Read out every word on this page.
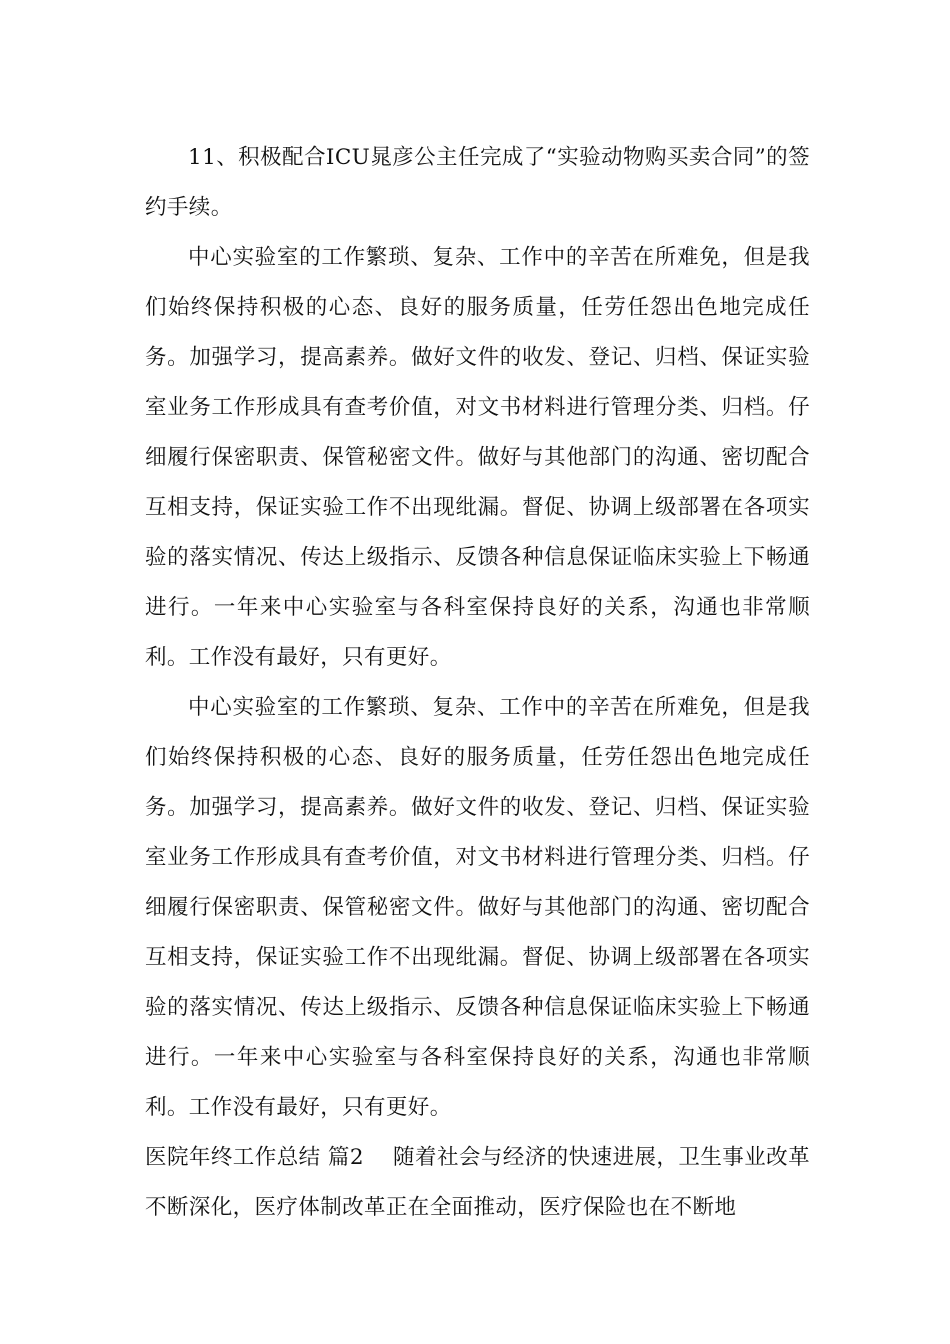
11、积极配合ICU晁彦公主任完成了“实验动物购买卖合同”的签约手续。

中心实验室的工作繁琐、复杂、工作中的辛苦在所难免，但是我们始终保持积极的心态、良好的服务质量，任劳任怨出色地完成任务。加强学习，提高素养。做好文件的收发、登记、归档、保证实验室业务工作形成具有查考价值，对文书材料进行管理分类、归档。仔细履行保密职责、保管秘密文件。做好与其他部门的沟通、密切配合互相支持，保证实验工作不出现纰漏。督促、协调上级部署在各项实验的落实情况、传达上级指示、反馈各种信息保证临床实验上下畅通进行。一年来中心实验室与各科室保持良好的关系，沟通也非常顺利。工作没有最好，只有更好。

中心实验室的工作繁琐、复杂、工作中的辛苦在所难免，但是我们始终保持积极的心态、良好的服务质量，任劳任怨出色地完成任务。加强学习，提高素养。做好文件的收发、登记、归档、保证实验室业务工作形成具有查考价值，对文书材料进行管理分类、归档。仔细履行保密职责、保管秘密文件。做好与其他部门的沟通、密切配合互相支持，保证实验工作不出现纰漏。督促、协调上级部署在各项实验的落实情况、传达上级指示、反馈各种信息保证临床实验上下畅通进行。一年来中心实验室与各科室保持良好的关系，沟通也非常顺利。工作没有最好，只有更好。

医院年终工作总结 篇2 随着社会与经济的快速进展，卫生事业改革不断深化，医疗体制改革正在全面推动，医疗保险也在不断地
